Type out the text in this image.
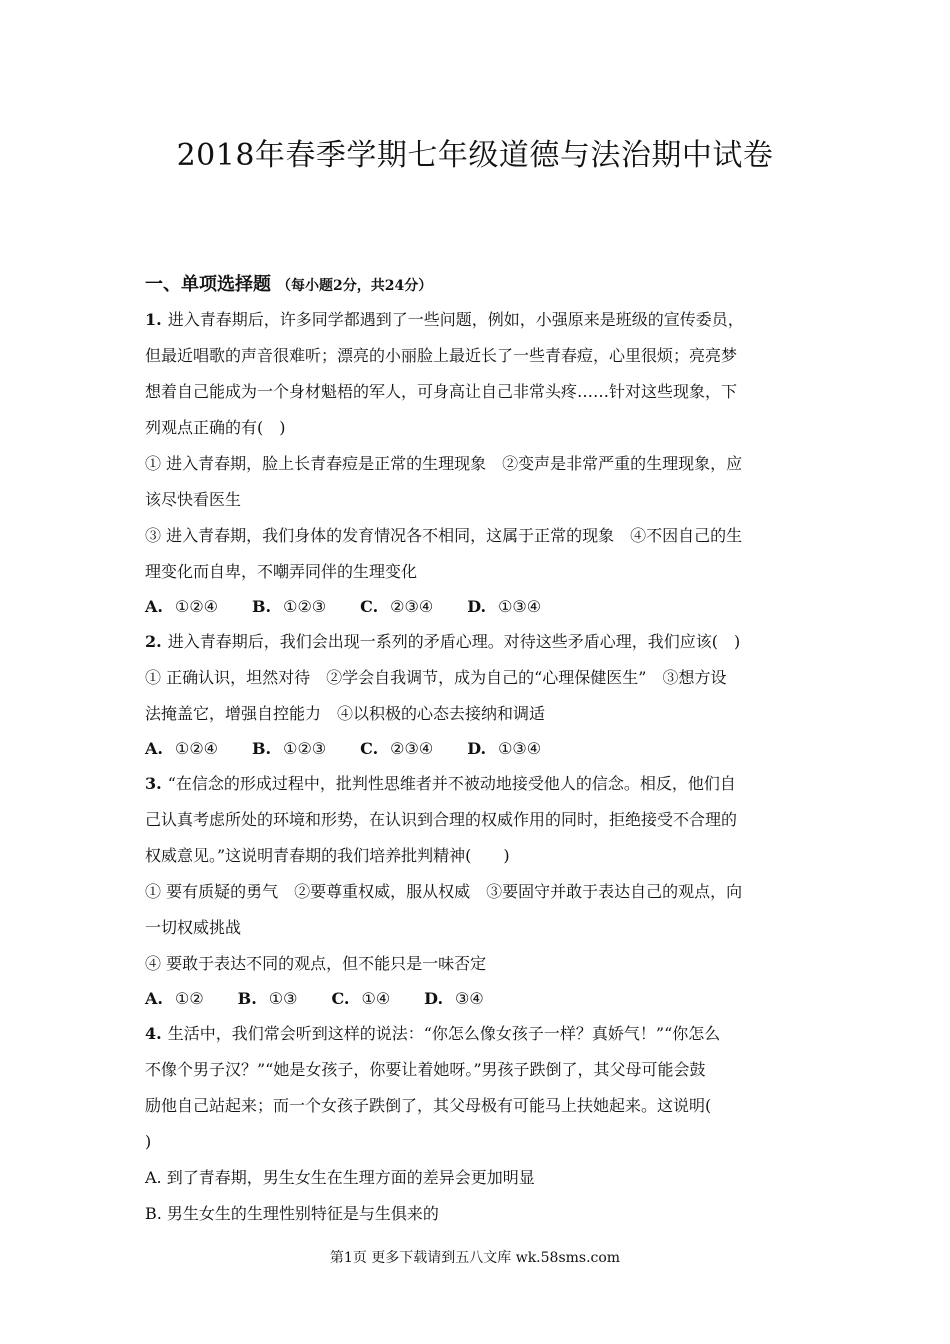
2018年春季学期七年级道德与法治期中试卷
一、单项选择题 （每小题2分，共24分）
1. 进入青春期后，许多同学都遇到了一些问题，例如，小强原来是班级的宣传委员，
但最近唱歌的声音很难听；漂亮的小丽脸上最近长了一些青春痘，心里很烦；亮亮梦
想着自己能成为一个身材魁梧的军人，可身高让自己非常头疼……针对这些现象，下
列观点正确的有(　)
① 进入青春期，脸上长青春痘是正常的生理现象　②变声是非常严重的生理现象，应
该尽快看医生
③ 进入青春期，我们身体的发育情况各不相同，这属于正常的现象　④不因自己的生
理变化而自卑，不嘲弄同伴的生理变化
A. ①②④ B. ①②③ C. ②③④ D. ①③④
2. 进入青春期后，我们会出现一系列的矛盾心理。对待这些矛盾心理，我们应该(　)
① 正确认识，坦然对待　②学会自我调节，成为自己的“心理保健医生”　③想方设
法掩盖它，增强自控能力　④以积极的心态去接纳和调适
A. ①②④ B. ①②③ C. ②③④ D. ①③④
3. “在信念的形成过程中，批判性思维者并不被动地接受他人的信念。相反，他们自
己认真考虑所处的环境和形势，在认识到合理的权威作用的同时，拒绝接受不合理的
权威意见。”这说明青春期的我们培养批判精神(　　)
① 要有质疑的勇气　②要尊重权威，服从权威　③要固守并敢于表达自己的观点，向
一切权威挑战
④ 要敢于表达不同的观点，但不能只是一味否定
A. ①② B. ①③ C. ①④ D. ③④
4. 生活中，我们常会听到这样的说法：“你怎么像女孩子一样？真娇气！”“你怎么
不像个男子汉？”“她是女孩子，你要让着她呀。”男孩子跌倒了，其父母可能会鼓
励他自己站起来；而一个女孩子跌倒了，其父母极有可能马上扶她起来。这说明(
)
A. 到了青春期，男生女生在生理方面的差异会更加明显
B. 男生女生的生理性别特征是与生俱来的
第1页 更多下载请到五八文库 wk.58sms.com
